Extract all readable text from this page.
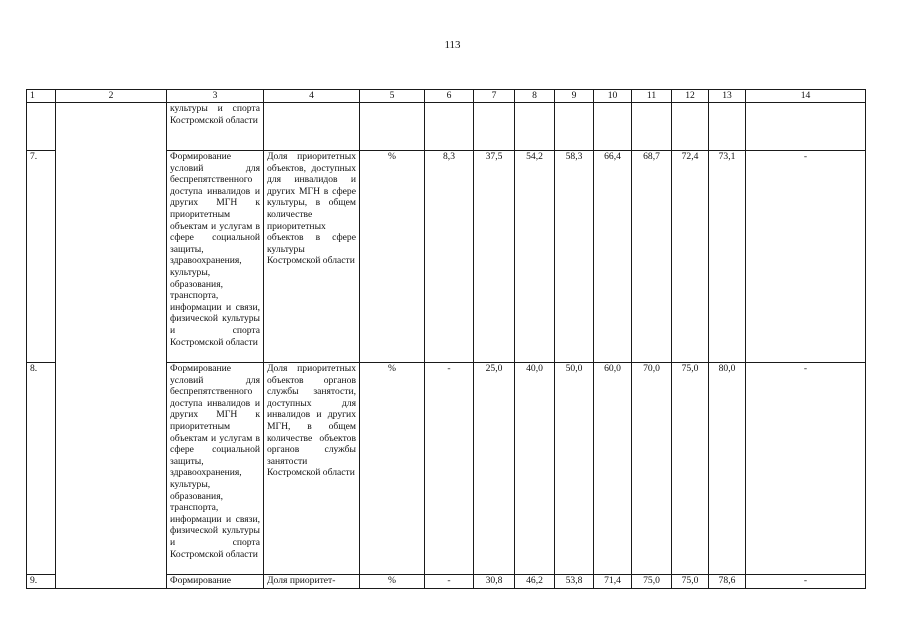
113
1	2	3	4	5	6	7	8	9	10	11	12	13	14
		культуры и спорта Костромской области											
7.		Формирование условий для беспрепятственного доступа инвалидов и других МГН к приоритетным объектам и услугам в сфере социальной защиты, здравоохранения, культуры, образования, транспорта, информации и связи, физической культуры и спорта Костромской области	Доля приоритетных объектов, доступных для инвалидов и других МГН в сфере культуры, в общем количестве приоритетных объектов в сфере культуры Костромской области	%	8,3	37,5	54,2	58,3	66,4	68,7	72,4	73,1	-
8.		Формирование условий для беспрепятственного доступа инвалидов и других МГН к приоритетным объектам и услугам в сфере социальной защиты, здравоохранения, культуры, образования, транспорта, информации и связи, физической культуры и спорта Костромской области	Доля приоритетных объектов органов службы занятости, доступных для инвалидов и других МГН, в общем количестве объектов органов службы занятости Костромской области	%	-	25,0	40,0	50,0	60,0	70,0	75,0	80,0	-
9.		Формирование	Доля приоритет-	%	-	30,8	46,2	53,8	71,4	75,0	75,0	78,6	-
